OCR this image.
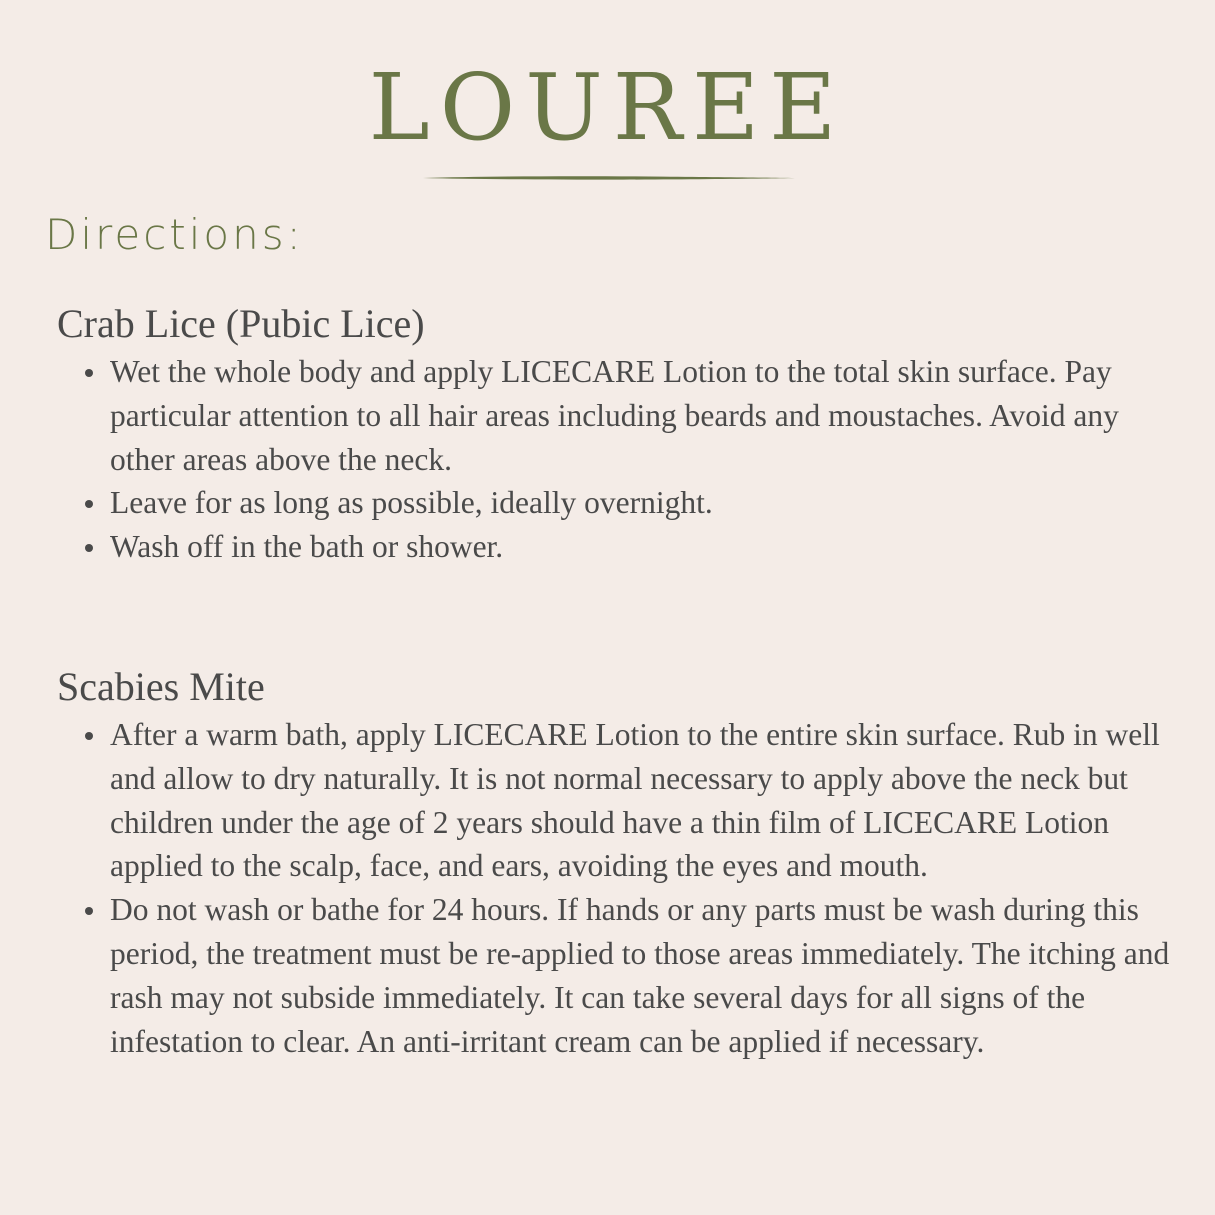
LOUREE
Directions:
Crab Lice (Pubic Lice)
Wet the whole body and apply LICECARE Lotion to the total skin surface. Pay particular attention to all hair areas including beards and moustaches. Avoid any other areas above the neck.
Leave for as long as possible, ideally overnight.
Wash off in the bath or shower.
Scabies Mite
After a warm bath, apply LICECARE Lotion to the entire skin surface. Rub in well and allow to dry naturally. It is not normal necessary to apply above the neck but children under the age of 2 years should have a thin film of LICECARE Lotion applied to the scalp, face, and ears, avoiding the eyes and mouth.
Do not wash or bathe for 24 hours. If hands or any parts must be wash during this period, the treatment must be re-applied to those areas immediately. The itching and rash may not subside immediately. It can take several days for all signs of the infestation to clear. An anti-irritant cream can be applied if necessary.
